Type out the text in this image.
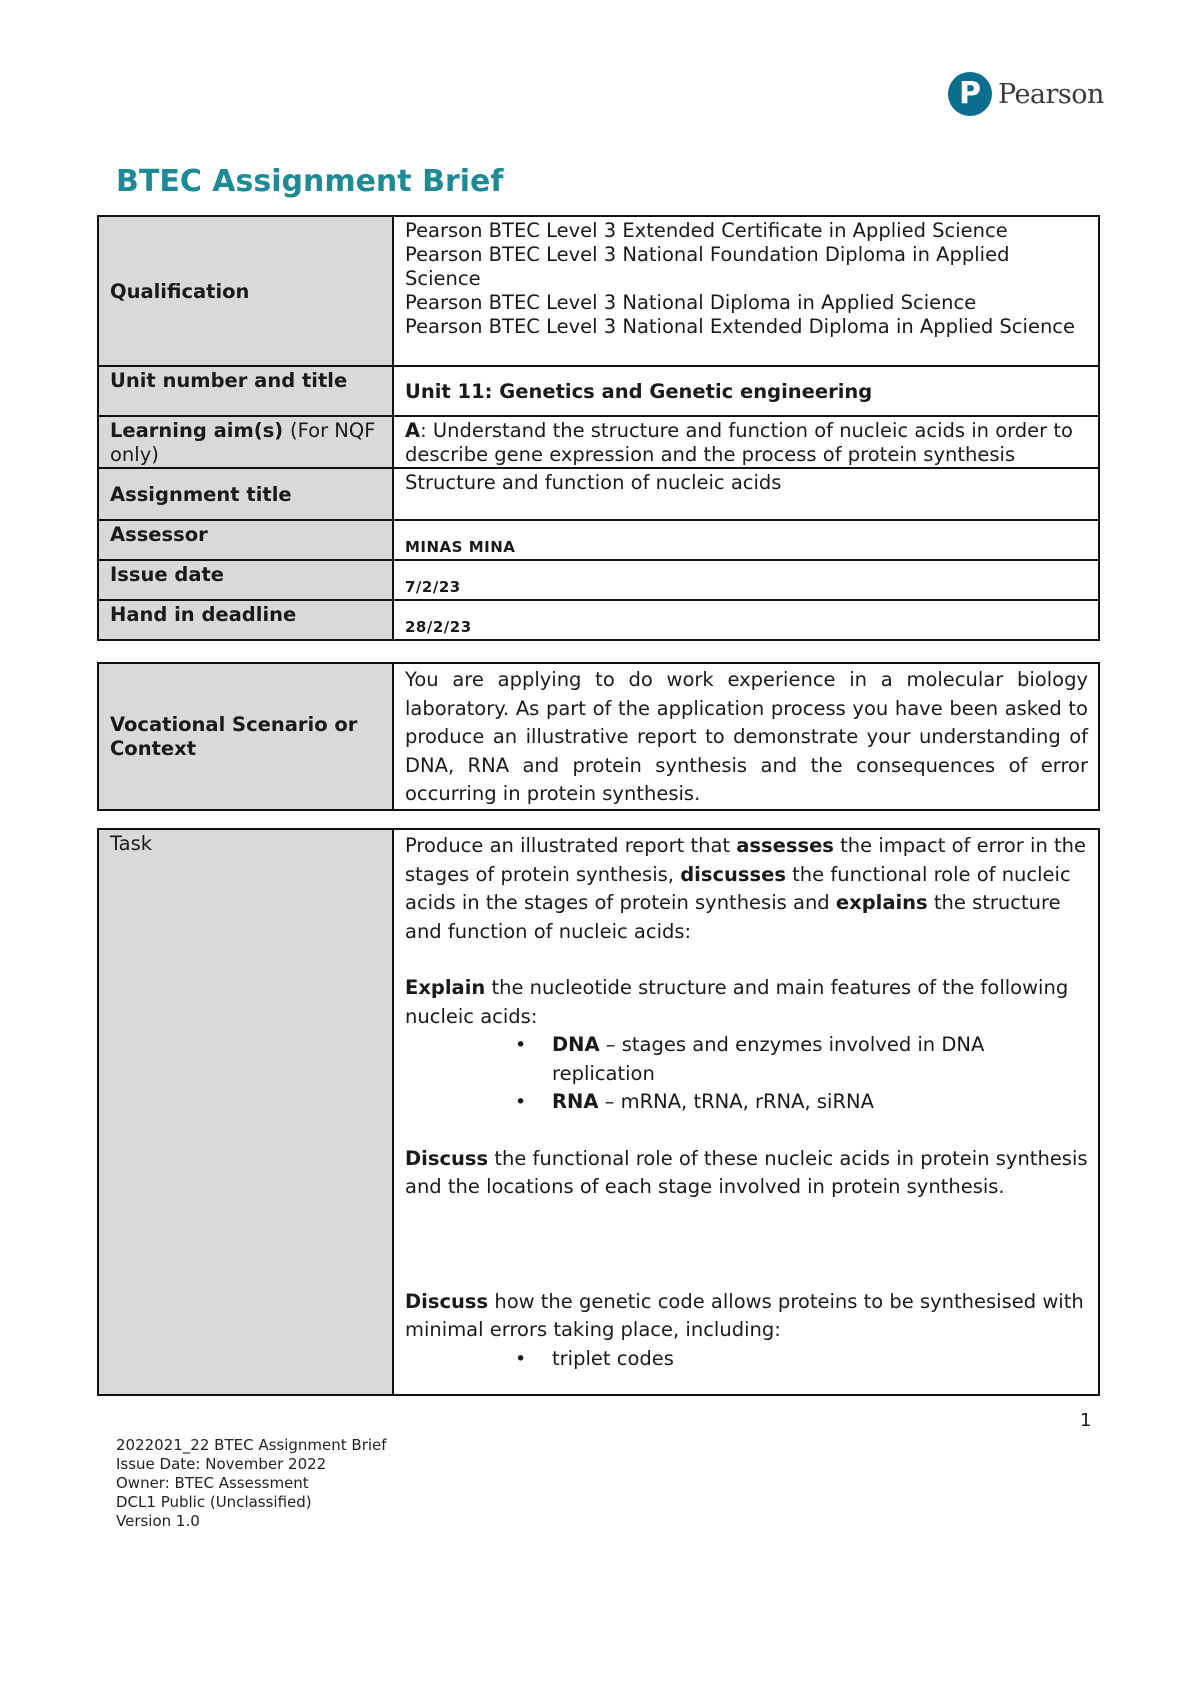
P Pearson
BTEC Assignment Brief
Qualification	Pearson BTEC Level 3 Extended Certificate in Applied Science
Pearson BTEC Level 3 National Foundation Diploma in Applied Science
Pearson BTEC Level 3 National Diploma in Applied Science
Pearson BTEC Level 3 National Extended Diploma in Applied Science

Unit number and title	Unit 11: Genetics and Genetic engineering
Learning aim(s) (For NQF only)	A: Understand the structure and function of nucleic acids in order to describe gene expression and the process of protein synthesis
Assignment title	Structure and function of nucleic acids
Assessor	MINAS MINA
Issue date	7/2/23
Hand in deadline	28/2/23
Vocational Scenario or Context	You are applying to do work experience in a molecular biology laboratory. As part of the application process you have been asked to produce an illustrative report to demonstrate your understanding of DNA, RNA and protein synthesis and the consequences of error occurring in protein synthesis.
Task	Produce an illustrated report that assesses the impact of error in the stages of protein synthesis, discusses the functional role of nucleic acids in the stages of protein synthesis and explains the structure and function of nucleic acids:

Explain the nucleotide structure and main features of the following nucleic acids:

• DNA – stages and enzymes involved in DNA replication
• RNA – mRNA, tRNA, rRNA, siRNA

Discuss the functional role of these nucleic acids in protein synthesis and the locations of each stage involved in protein synthesis.

Discuss how the genetic code allows proteins to be synthesised with minimal errors taking place, including:

• triplet codes
1
2022021_22 BTEC Assignment Brief
Issue Date: November 2022
Owner: BTEC Assessment
DCL1 Public (Unclassified)
Version 1.0
